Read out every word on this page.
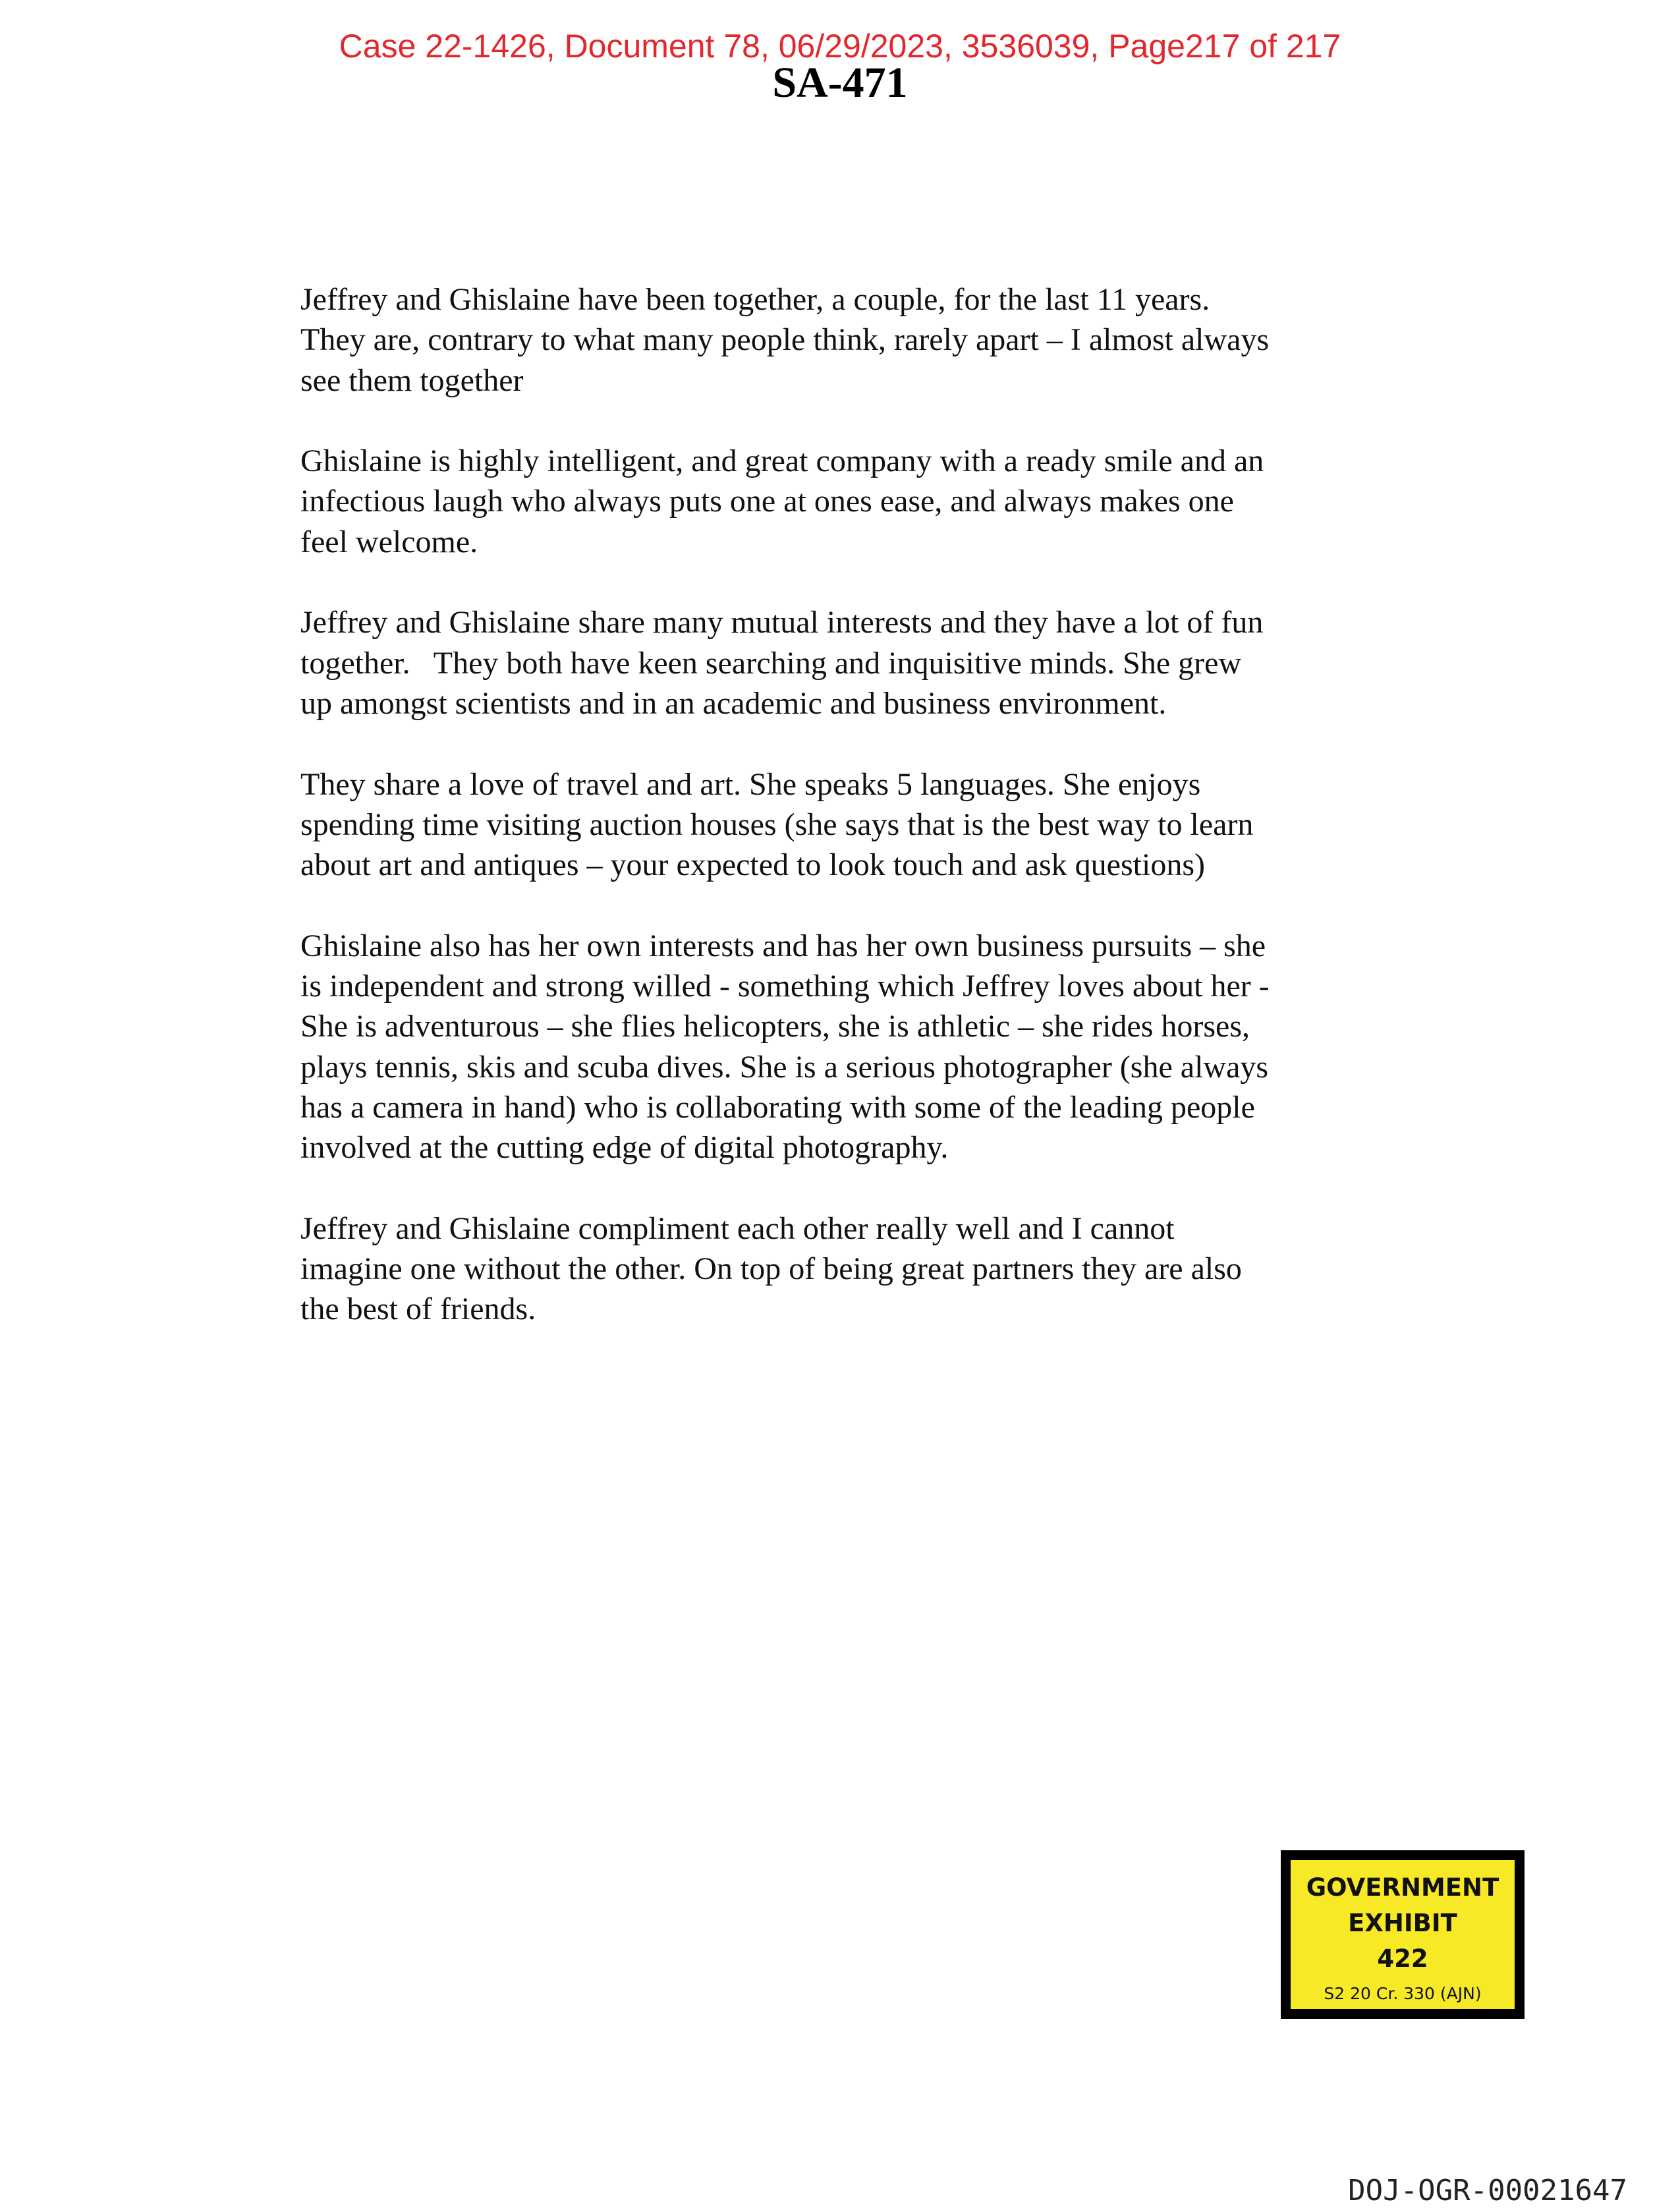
Case 22-1426, Document 78, 06/29/2023, 3536039, Page217 of 217
SA-471

Jeffrey and Ghislaine have been together, a couple, for the last 11 years.
They are, contrary to what many people think, rarely apart – I almost always
see them together

Ghislaine is highly intelligent, and great company with a ready smile and an
infectious laugh who always puts one at ones ease, and always makes one
feel welcome.

Jeffrey and Ghislaine share many mutual interests and they have a lot of fun
together.   They both have keen searching and inquisitive minds. She grew
up amongst scientists and in an academic and business environment.

They share a love of travel and art. She speaks 5 languages. She enjoys
spending time visiting auction houses (she says that is the best way to learn
about art and antiques – your expected to look touch and ask questions)

Ghislaine also has her own interests and has her own business pursuits – she
is independent and strong willed - something which Jeffrey loves about her -
She is adventurous – she flies helicopters, she is athletic – she rides horses,
plays tennis, skis and scuba dives. She is a serious photographer (she always
has a camera in hand) who is collaborating with some of the leading people
involved at the cutting edge of digital photography.

Jeffrey and Ghislaine compliment each other really well and I cannot
imagine one without the other. On top of being great partners they are also
the best of friends.

GOVERNMENT
EXHIBIT
422
S2 20 Cr. 330 (AJN)
DOJ-OGR-00021647
